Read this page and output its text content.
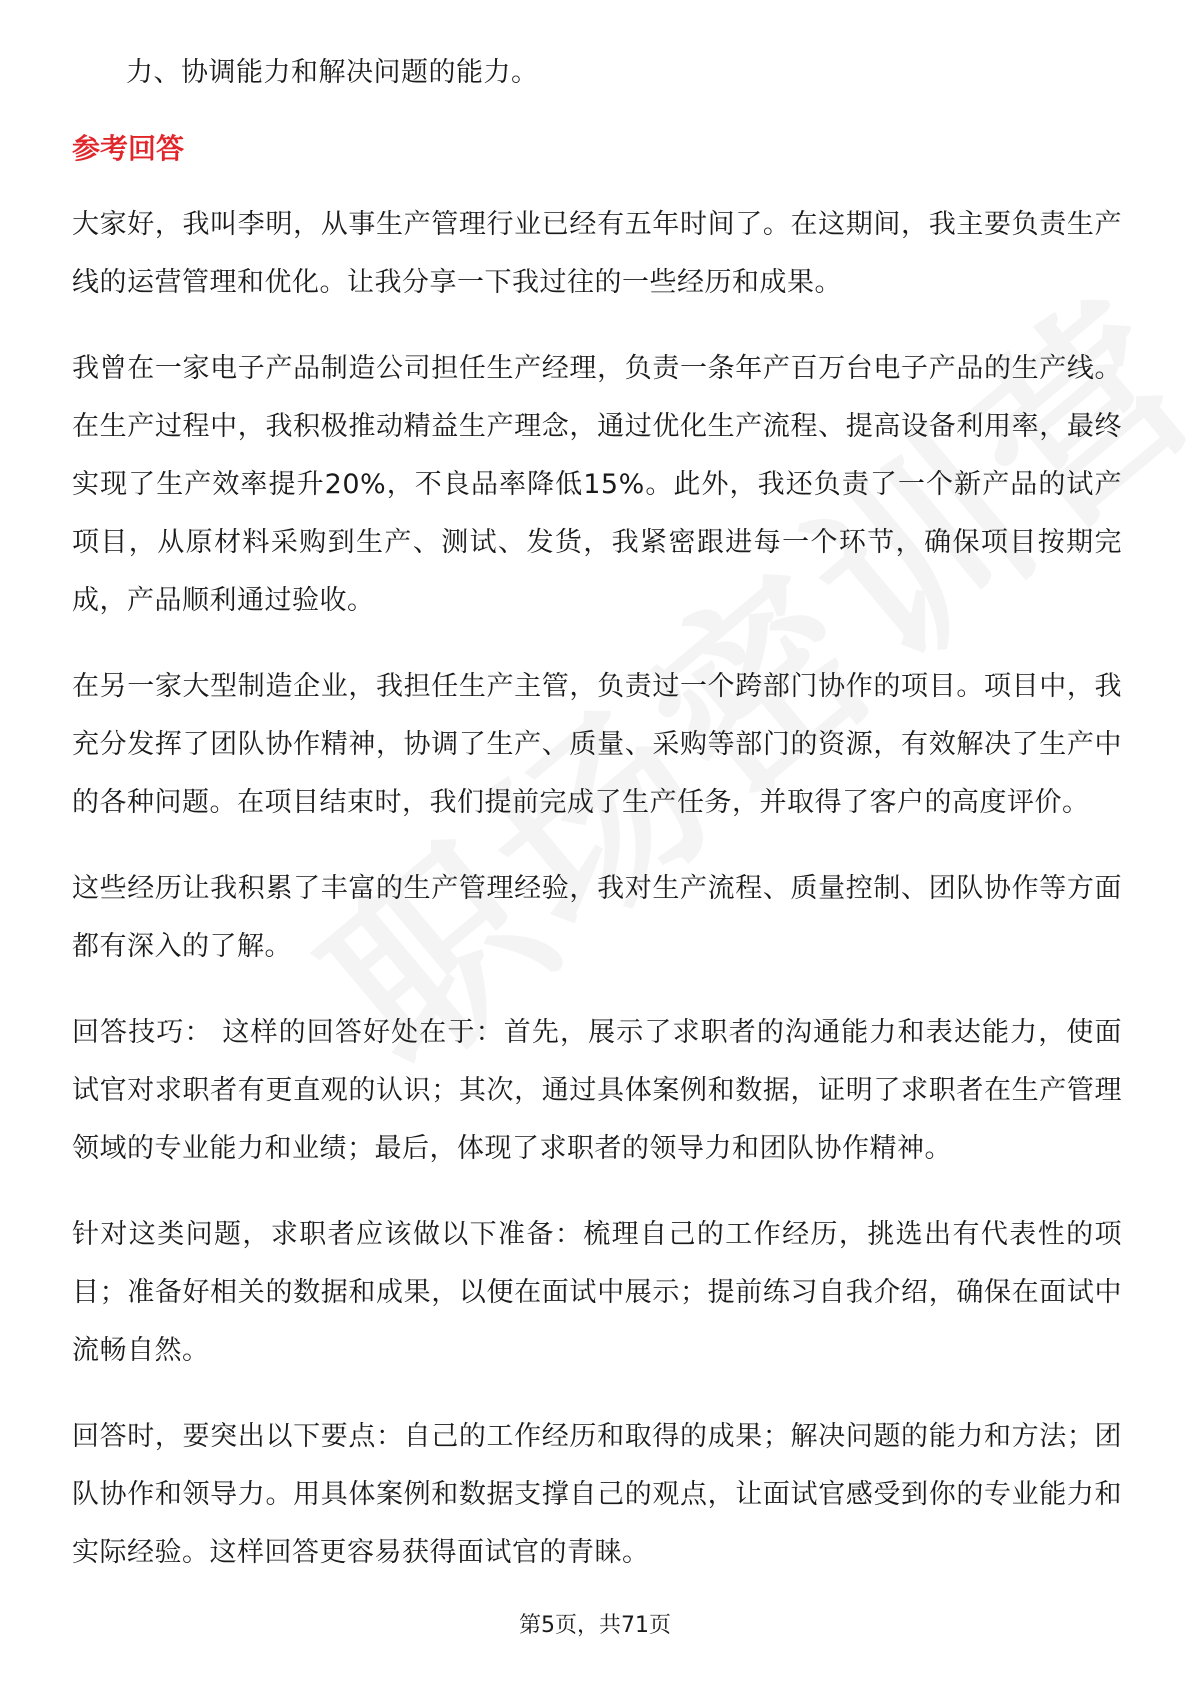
力、协调能力和解决问题的能力。

参考回答

大家好，我叫李明，从事生产管理行业已经有五年时间了。在这期间，我主要负责生产线的运营管理和优化。让我分享一下我过往的一些经历和成果。

我曾在一家电子产品制造公司担任生产经理，负责一条年产百万台电子产品的生产线。在生产过程中，我积极推动精益生产理念，通过优化生产流程、提高设备利用率，最终实现了生产效率提升20%，不良品率降低15%。此外，我还负责了一个新产品的试产项目，从原材料采购到生产、测试、发货，我紧密跟进每一个环节，确保项目按期完成，产品顺利通过验收。

在另一家大型制造企业，我担任生产主管，负责过一个跨部门协作的项目。项目中，我充分发挥了团队协作精神，协调了生产、质量、采购等部门的资源，有效解决了生产中的各种问题。在项目结束时，我们提前完成了生产任务，并取得了客户的高度评价。

这些经历让我积累了丰富的生产管理经验，我对生产流程、质量控制、团队协作等方面都有深入的了解。

回答技巧： 这样的回答好处在于：首先，展示了求职者的沟通能力和表达能力，使面试官对求职者有更直观的认识；其次，通过具体案例和数据，证明了求职者在生产管理领域的专业能力和业绩；最后，体现了求职者的领导力和团队协作精神。

针对这类问题，求职者应该做以下准备：梳理自己的工作经历，挑选出有代表性的项目；准备好相关的数据和成果，以便在面试中展示；提前练习自我介绍，确保在面试中流畅自然。

回答时，要突出以下要点：自己的工作经历和取得的成果；解决问题的能力和方法；团队协作和领导力。用具体案例和数据支撑自己的观点，让面试官感受到你的专业能力和实际经验。这样回答更容易获得面试官的青睐。

第5页，共71页
